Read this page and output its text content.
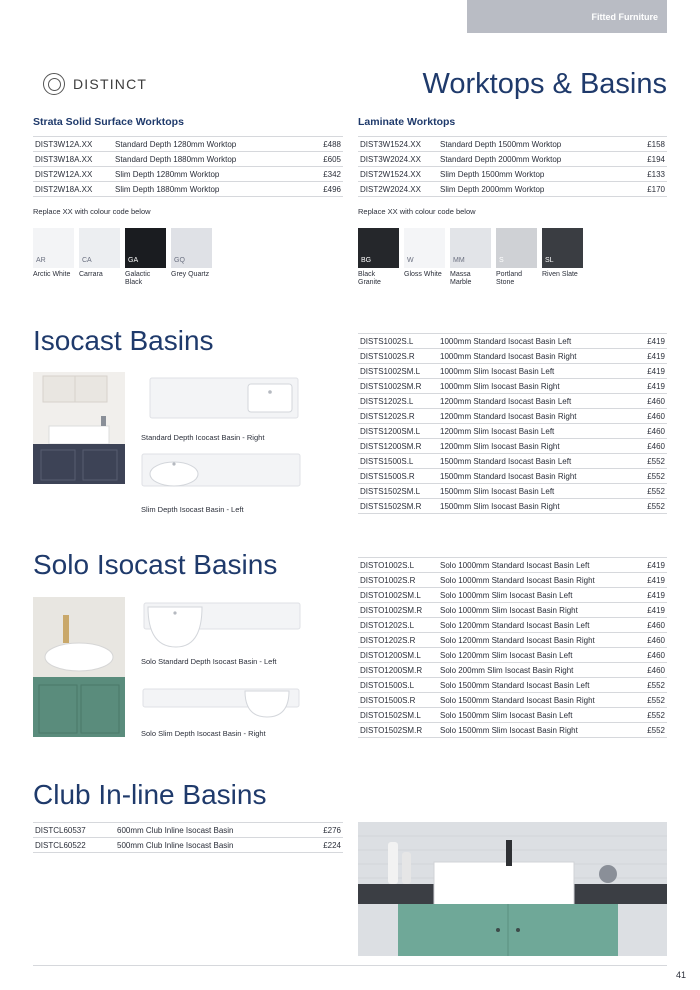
Fitted Furniture
DISTINCT	Worktops & Basins
Strata Solid Surface Worktops
DIST3W12A.XX	Standard Depth 1280mm Worktop	£488
DIST3W18A.XX	Standard Depth 1880mm Worktop	£605
DIST2W12A.XX	Slim Depth 1280mm Worktop	£342
DIST2W18A.XX	Slim Depth 1880mm Worktop	£496
Replace XX with colour code below
AR
Arctic White
CA
Carrara
GA
Galactic Black
GQ
Grey Quartz
Laminate Worktops
DIST3W1524.XX	Standard Depth 1500mm Worktop	£158
DIST3W2024.XX	Standard Depth 2000mm Worktop	£194
DIST2W1524.XX	Slim Depth 1500mm Worktop	£133
DIST2W2024.XX	Slim Depth 2000mm Worktop	£170
Replace XX with colour code below
BG
Black Granite
W
Gloss White
MM
Massa Marble
S
Portland Stone
SL
Riven Slate
Isocast Basins
Standard Depth Icocast Basin - Right
Slim Depth Isocast Basin - Left
DISTS1002S.L	1000mm Standard Isocast Basin Left	£419
DISTS1002S.R	1000mm Standard Isocast Basin Right	£419
DISTS1002SM.L	1000mm Slim Isocast Basin Left	£419
DISTS1002SM.R	1000mm Slim Isocast Basin Right	£419
DISTS1202S.L	1200mm Standard Isocast Basin Left	£460
DISTS1202S.R	1200mm Standard Isocast Basin Right	£460
DISTS1200SM.L	1200mm Slim Isocast Basin Left	£460
DISTS1200SM.R	1200mm Slim Isocast Basin Right	£460
DISTS1500S.L	1500mm Standard Isocast Basin Left	£552
DISTS1500S.R	1500mm Standard Isocast Basin Right	£552
DISTS1502SM.L	1500mm Slim Isocast Basin Left	£552
DISTS1502SM.R	1500mm Slim Isocast Basin Right	£552
Solo Isocast Basins
Solo Standard Depth Isocast Basin - Left
Solo Slim Depth Isocast Basin - Right
DISTO1002S.L	Solo 1000mm Standard Isocast Basin Left	£419
DISTO1002S.R	Solo 1000mm Standard Isocast Basin Right	£419
DISTO1002SM.L	Solo 1000mm Slim Isocast Basin Left	£419
DISTO1002SM.R	Solo 1000mm Slim Isocast Basin Right	£419
DISTO1202S.L	Solo 1200mm Standard Isocast Basin Left	£460
DISTO1202S.R	Solo 1200mm Standard Isocast Basin Right	£460
DISTO1200SM.L	Solo 1200mm Slim Isocast Basin Left	£460
DISTO1200SM.R	Solo 200mm Slim Isocast Basin Right	£460
DISTO1500S.L	Solo 1500mm Standard Isocast Basin Left	£552
DISTO1500S.R	Solo 1500mm Standard Isocast Basin Right	£552
DISTO1502SM.L	Solo 1500mm Slim Isocast Basin Left	£552
DISTO1502SM.R	Solo 1500mm Slim Isocast Basin Right	£552
Club In-line Basins
DISTCL60537	600mm Club Inline Isocast Basin	£276
DISTCL60522	500mm Club Inline Isocast Basin	£224
41
